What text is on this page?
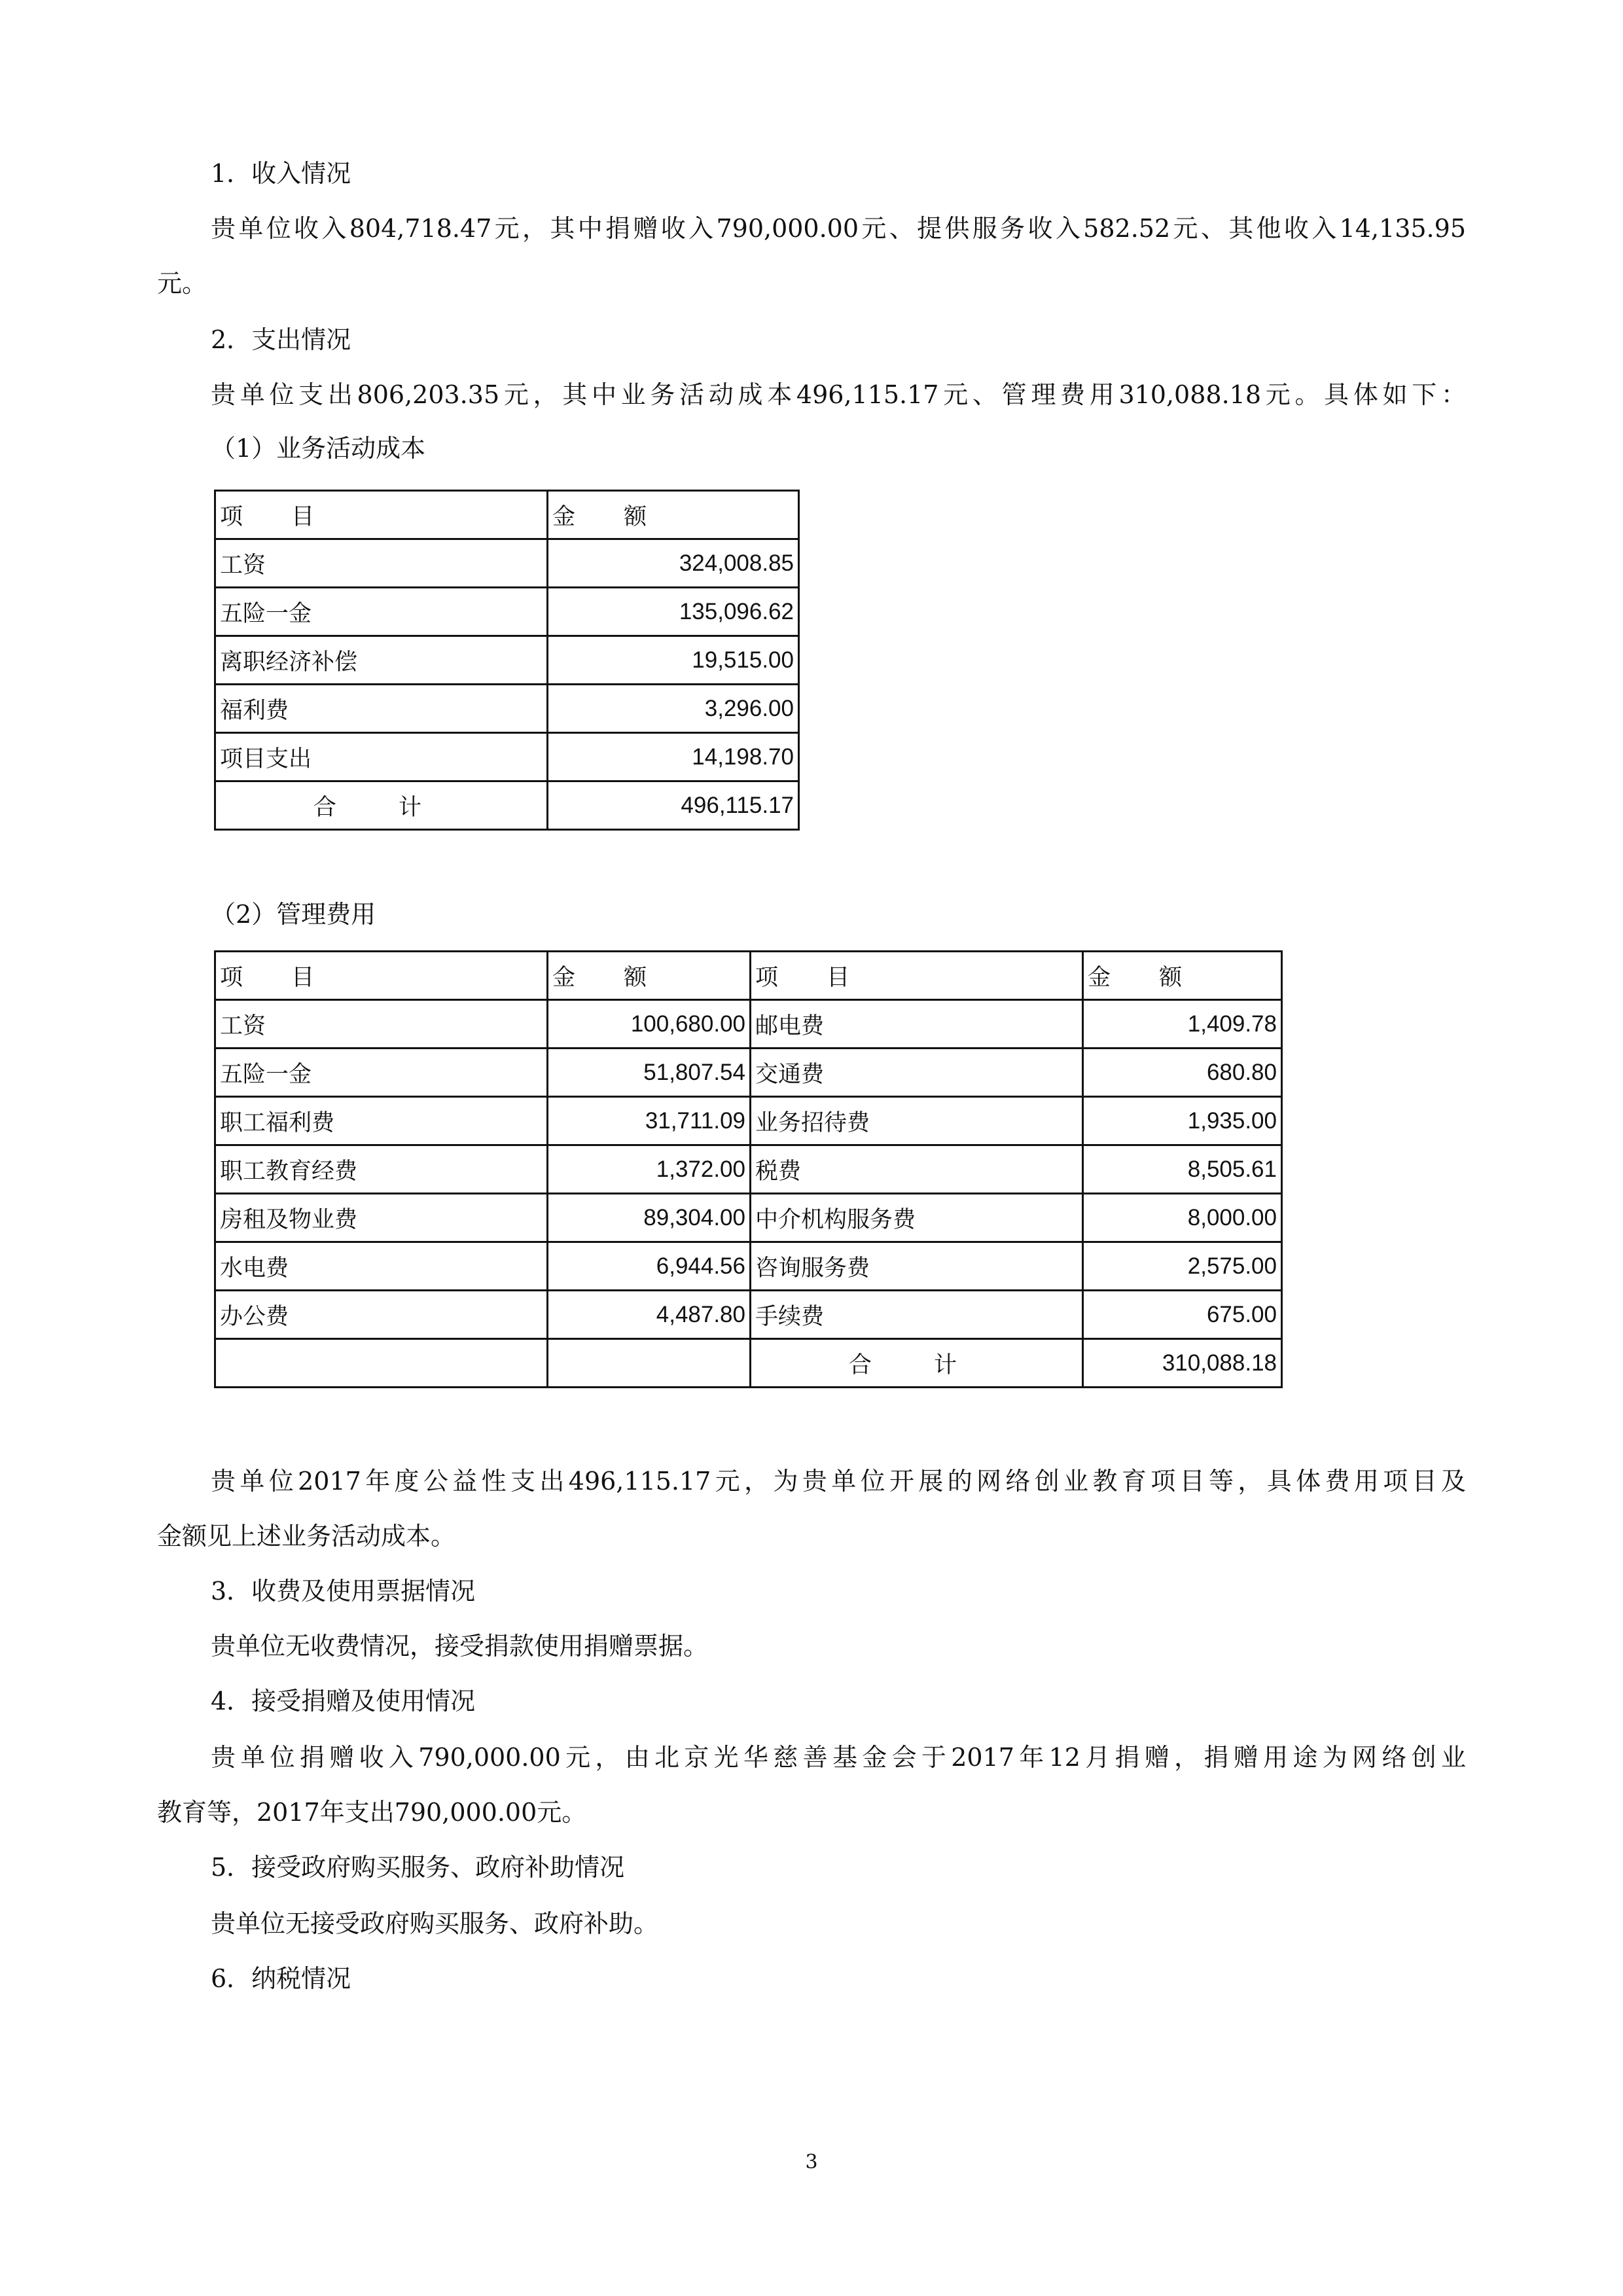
1．收入情况
贵单位收入804,718.47元，其中捐赠收入790,000.00元、提供服务收入582.52元、其他收入14,135.95
元。
2．支出情况
贵单位支出806,203.35元，其中业务活动成本496,115.17元、管理费用310,088.18元。具体如下：
（1）业务活动成本
项 目	金 额
工资	324,008.85
五险一金	135,096.62
离职经济补偿	19,515.00
福利费	3,296.00
项目支出	14,198.70
合 计	496,115.17
（2）管理费用
项 目	金 额	项 目	金 额
工资	100,680.00	邮电费	1,409.78
五险一金	51,807.54	交通费	680.80
职工福利费	31,711.09	业务招待费	1,935.00
职工教育经费	1,372.00	税费	8,505.61
房租及物业费	89,304.00	中介机构服务费	8,000.00
水电费	6,944.56	咨询服务费	2,575.00
办公费	4,487.80	手续费	675.00
		合 计	310,088.18
贵单位2017年度公益性支出496,115.17元，为贵单位开展的网络创业教育项目等，具体费用项目及
金额见上述业务活动成本。
3．收费及使用票据情况
贵单位无收费情况，接受捐款使用捐赠票据。
4．接受捐赠及使用情况
贵单位捐赠收入790,000.00元，由北京光华慈善基金会于2017年12月捐赠，捐赠用途为网络创业
教育等，2017年支出790,000.00元。
5．接受政府购买服务、政府补助情况
贵单位无接受政府购买服务、政府补助。
6．纳税情况
3
